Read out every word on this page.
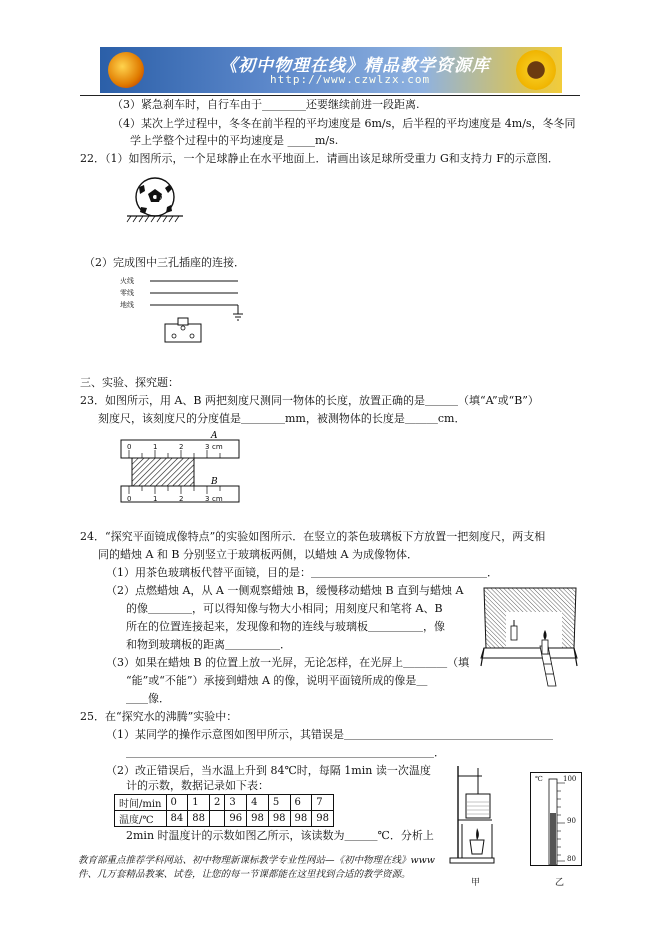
《初中物理在线》精品教学资源库
http://www.czwlzx.com
（3）紧急刹车时，自行车由于________还要继续前进一段距离.
（4）某次上学过程中，冬冬在前半程的平均速度是 6m/s，后半程的平均速度是 4m/s，冬冬同
学上学整个过程中的平均速度是 _____m/s.
22．（1）如图所示，一个足球静止在水平地面上．请画出该足球所受重力 G和支持力 F的示意图．
O
（2）完成图中三孔插座的连接．
火线
零线
地线
三、实验、探究题：
23．如图所示，用 A、B 两把刻度尺测同一物体的长度，放置正确的是＿＿＿（填“A”或“B”）
刻度尺，该刻度尺的分度值是＿＿＿＿mm，被测物体的长度是＿＿＿cm．
0	1	2	3 cm
0	1	2	3 cm
A
B
24．“探究平面镜成像特点”的实验如图所示．在竖立的茶色玻璃板下方放置一把刻度尺，两支相
同的蜡烛 A 和 B 分别竖立于玻璃板两侧，以蜡烛 A 为成像物体．
（1）用茶色玻璃板代替平面镜，目的是：＿＿＿＿＿＿＿＿＿＿＿＿＿＿＿＿．
（2）点燃蜡烛 A，从 A 一侧观察蜡烛 B，缓慢移动蜡烛 B 直到与蜡烛 A
的像＿＿＿＿，可以得知像与物大小相同；用刻度尺和笔将 A、B
所在的位置连接起来，发现像和物的连线与玻璃板＿＿＿＿＿，像
和物到玻璃板的距离＿＿＿＿＿．
（3）如果在蜡烛 B 的位置上放一光屏，无论怎样，在光屏上＿＿＿＿（填
“能”或“不能”）承接到蜡烛 A 的像，说明平面镜所成的像是＿
＿＿像．
25．在“探究水的沸腾”实验中：
（1）某同学的操作示意图如图甲所示，其错误是＿＿＿＿＿＿＿＿＿＿＿＿＿＿＿＿＿＿＿
＿＿＿＿＿＿＿＿＿＿＿＿＿＿＿＿＿＿＿＿＿＿＿＿＿＿＿＿．
（2）改正错误后，当水温上升到 84℃时，每隔 1min 读一次温度
计的示数，数据记录如下表：
时间/min	0	1	2	3	4	5	6	7
温度/℃	84	88		96	98	98	98	98
2min 时温度计的示数如图乙所示，该读数为＿＿＿℃．分析上
℃	100
90
80
甲	乙
教育部重点推荐学科网站、初中物理新课标教学专业性网站—《初中物理在线》www
件、几万套精品教案、试卷，让您的每一节课都能在这里找到合适的教学资源。
